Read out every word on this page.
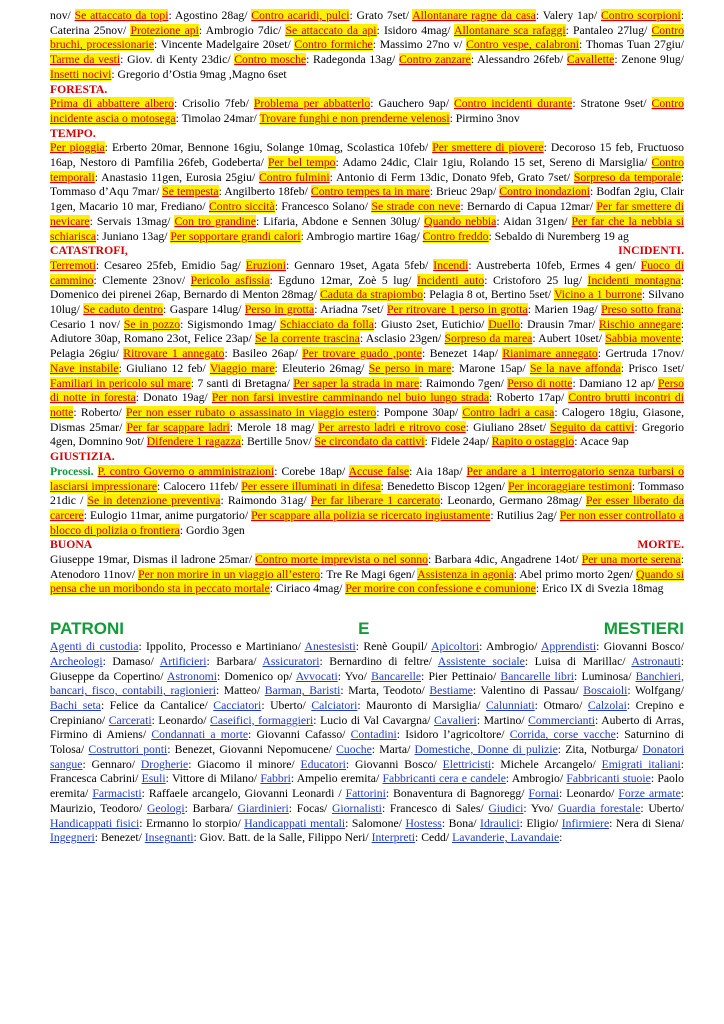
nov/ Se attaccato da topi: Agostino 28ag/ Contro acaridi, pulci: Grato 7set/ Allontanare ragne da casa: Valery 1ap/ Contro scorpioni: Caterina 25nov/ Protezione api: Ambrogio 7dic/ Se attaccato da api: Isidoro 4mag/ Allontanare sca rafaggi: Pantaleo 27lug/ Contro bruchi, processionarie: Vincente Madelgaire 20set/ Contro formiche: Massimo 27no v/ Contro vespe, calabroni: Thomas Tuan 27giu/ Tarme da vesti: Giov. di Kenty 23dic/ Contro mosche: Radegonda 13ag/ Contro zanzare: Alessandro 26feb/ Cavallette: Zenone 9lug/ Insetti nocivi: Gregorio d’Ostia 9mag ,Magno 6set

FORESTA.
Prima di abbattere albero: Crisolio 7feb/ Problema per abbatterlo: Gauchero 9ap/ Contro incidenti durante: Stratone 9set/ Contro incidente ascia o motosega: Timolao 24mar/ Trovare funghi e non prenderne velenosi: Pirmino 3nov

TEMPO.
Per pioggia: Erberto 20mar, Bennone 16giu, Solange 10mag, Scolastica 10feb/ Per smettere di piovere: Decoroso 15 feb, Fructuoso 16ap, Nestoro di Pamfilia 26feb, Godeberta/ Per bel tempo: Adamo 24dic, Clair 1giu, Rolando 15 set, Sereno di Marsiglia/ Contro temporali: Anastasio 11gen, Eurosia 25giu/ Contro fulmini: Antonio di Ferm 13dic, Donato 9feb, Grato 7set/ Sorpreso da temporale: Tommaso d’Aqu 7mar/ Se tempesta: Angilberto 18feb/ Contro tempes ta in mare: Brieuc 29ap/ Contro inondazioni: Bodfan 2giu, Clair 1gen, Macario 10 mar, Frediano/ Contro siccità: Francesco Solano/ Se strade con neve: Bernardo di Capua 12mar/ Per far smettere di nevicare: Servais 13mag/ Con tro grandine: Lifaria, Abdone e Sennen 30lug/ Quando nebbia: Aidan 31gen/ Per far che la nebbia si schiarisca: Juniano 13ag/ Per sopportare grandi calori: Ambrogio martire 16ag/ Contro freddo: Sebaldo di Nuremberg 19 ag

CATASTROFI,	INCIDENTI.

Terremoti: Cesareo 25feb, Emidio 5ag/ Eruzioni: Gennaro 19set, Agata 5feb/ Incendi: Austreberta 10feb, Ermes 4 gen/ Fuoco di cammino: Clemente 23nov/ Pericolo asfissia: Egduno 12mar, Zoè 5 lug/ Incidenti auto: Cristoforo 25 lug/ Incidenti montagna: Domenico dei pirenei 26ap, Bernardo di Menton 28mag/ Caduta da strapiombo: Pelagia 8 ot, Bertino 5set/ Vicino a 1 burrone: Silvano 10lug/ Se caduto dentro: Gaspare 14lug/ Perso in grotta: Ariadna 7set/ Per ritrovare 1 perso in grotta: Marien 19ag/ Preso sotto frana: Cesario 1 nov/ Se in pozzo: Sigismondo 1mag/ Schiacciato da folla: Giusto 2set, Eutichio/ Duello: Drausin 7mar/ Rischio annegare: Adiutore 30ap, Romano 23ot, Felice 23ap/ Se la corrente trascina: Asclasio 23gen/ Sorpreso da marea: Aubert 10set/ Sabbia movente: Pelagia 26giu/ Ritrovare 1 annegato: Basileo 26ap/ Per trovare guado ,ponte: Benezet 14ap/ Rianimare annegato: Gertruda 17nov/ Nave instabile: Giuliano 12 feb/ Viaggio mare: Eleuterio 26mag/ Se perso in mare: Marone 15ap/ Se la nave affonda: Prisco 1set/ Familiari in pericolo sul mare: 7 santi di Bretagna/ Per saper la strada in mare: Raimondo 7gen/ Perso di notte: Damiano 12 ap/ Perso di notte in foresta: Donato 19ag/ Per non farsi investire camminando nel buio lungo strada: Roberto 17ap/ Contro brutti incontri di notte: Roberto/ Per non esser rubato o assassinato in viaggio estero: Pompone 30ap/ Contro ladri a casa: Calogero 18giu, Giasone, Dismas 25mar/ Per far scappare ladri: Merole 18 mag/ Per arresto ladri e ritrovo cose: Giuliano 28set/ Seguito da cattivi: Gregorio 4gen, Domnino 9ot/ Difendere 1 ragazza: Bertille 5nov/ Se circondato da cattivi: Fidele 24ap/ Rapito o ostaggio: Acace 9ap

GIUSTIZIA.

Processi. P. contro Governo o amministrazioni: Corebe 18ap/ Accuse false: Aia 18ap/ Per andare a 1 interrogatorio senza turbarsi o lasciarsi impressionare: Calocero 11feb/ Per essere illuminati in difesa: Benedetto Biscop 12gen/ Per incoraggiare testimoni: Tommaso 21dic / Se in detenzione preventiva: Raimondo 31ag/ Per far liberare 1 carcerato: Leonardo, Germano 28mag/ Per esser liberato da carcere: Eulogio 11mar, anime purgatorio/ Per scappare alla polizia se ricercato ingiustamente: Rutilius 2ag/ Per non esser controllato a blocco di polizia o frontiera: Gordio 3gen

BUONA	MORTE.

Giuseppe 19mar, Dismas il ladrone 25mar/ Contro morte imprevista o nel sonno: Barbara 4dic, Angadrene 14ot/ Per una morte serena: Atenodoro 11nov/ Per non morire in un viaggio all’estero: Tre Re Magi 6gen/ Assistenza in agonia: Abel primo morto 2gen/ Quando si pensa che un moribondo sta in peccato mortale: Ciriaco 4mag/ Per morire con confessione e comunione: Erico IX di Svezia 18mag

PATRONI	E	MESTIERI

Agenti di custodia: Ippolito, Processo e Martiniano/ Anestesisti: Renè Goupil/ Apicoltori: Ambrogio/ Apprendisti: Giovanni Bosco/ Archeologi: Damaso/ Artificieri: Barbara/ Assicuratori: Bernardino di feltre/ Assistente sociale: Luisa di Marillac/ Astronauti: Giuseppe da Copertino/ Astronomi: Domenico op/ Avvocati: Yvo/ Bancarelle: Pier Pettinaio/ Bancarelle libri: Luminosa/ Banchieri, bancari, fisco, contabili, ragionieri: Matteo/ Barman, Baristi: Marta, Teodoto/ Bestiame: Valentino di Passau/ Boscaioli: Wolfgang/ Bachi seta: Felice da Cantalice/ Cacciatori: Uberto/ Calciatori: Mauronto di Marsiglia/ Calunniati: Otmaro/ Calzolai: Crepino e Crepiniano/ Carcerati: Leonardo/ Caseifici, formaggieri: Lucio di Val Cavargna/ Cavalieri: Martino/ Commercianti: Auberto di Arras, Firmino di Amiens/ Condannati a morte: Giovanni Cafasso/ Contadini: Isidoro l’agricoltore/ Corrida, corse vacche: Saturnino di Tolosa/ Costruttori ponti: Benezet, Giovanni Nepomucene/ Cuoche: Marta/ Domestiche, Donne di pulizie: Zita, Notburga/ Donatori sangue: Gennaro/ Drogherie: Giacomo il minore/ Educatori: Giovanni Bosco/ Elettricisti: Michele Arcangelo/ Emigrati italiani: Francesca Cabrini/ Esuli: Vittore di Milano/ Fabbri: Ampelio eremita/ Fabbricanti cera e candele: Ambrogio/ Fabbricanti stuoie: Paolo eremita/ Farmacisti: Raffaele arcangelo, Giovanni Leonardi / Fattorini: Bonaventura di Bagnoregg/ Fornai: Leonardo/ Forze armate: Maurizio, Teodoro/ Geologi: Barbara/ Giardinieri: Focas/ Giornalisti: Francesco di Sales/ Giudici: Yvo/ Guardia forestale: Uberto/ Handicappati fisici: Ermanno lo storpio/ Handicappati mentali: Salomone/ Hostess: Bona/ Idraulici: Eligio/ Infirmiere: Nera di Siena/ Ingegneri: Benezet/ Insegnanti: Giov. Batt. de la Salle, Filippo Neri/ Interpreti: Cedd/ Lavanderie, Lavandaie:
